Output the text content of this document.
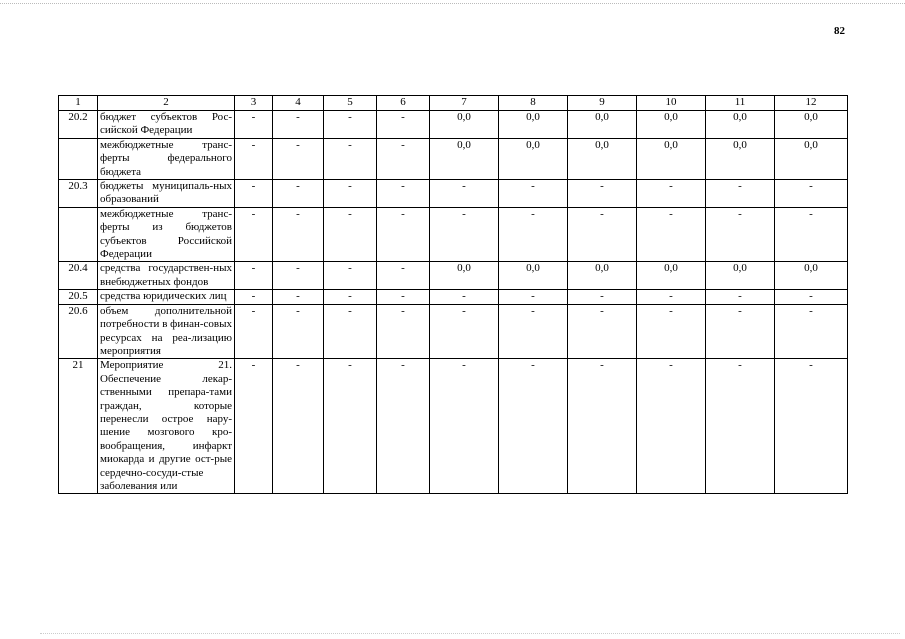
82
1	2	3	4	5	6	7	8	9	10	11	12
20.2	бюджет субъектов Рос-сийской Федерации	-	-	-	-	0,0	0,0	0,0	0,0	0,0	0,0
	межбюджетные транс-ферты федерального бюджета	-	-	-	-	0,0	0,0	0,0	0,0	0,0	0,0
20.3	бюджеты муниципаль-ных образований	-	-	-	-	-	-	-	-	-	-
	межбюджетные транс-ферты из бюджетов субъектов Российской Федерации	-	-	-	-	-	-	-	-	-	-
20.4	средства государствен-ных внебюджетных фондов	-	-	-	-	0,0	0,0	0,0	0,0	0,0	0,0
20.5	средства юридических лиц	-	-	-	-	-	-	-	-	-	-
20.6	объем дополнительной потребности в финан-совых ресурсах на реа-лизацию мероприятия	-	-	-	-	-	-	-	-	-	-
21	Мероприятие 21. Обеспечение лекар-ственными препара-тами граждан, которые перенесли острое нару-шение мозгового кро-вообращения, инфаркт миокарда и другие ост-рые сердечно-сосуди-стые заболевания или	-	-	-	-	-	-	-	-	-	-
